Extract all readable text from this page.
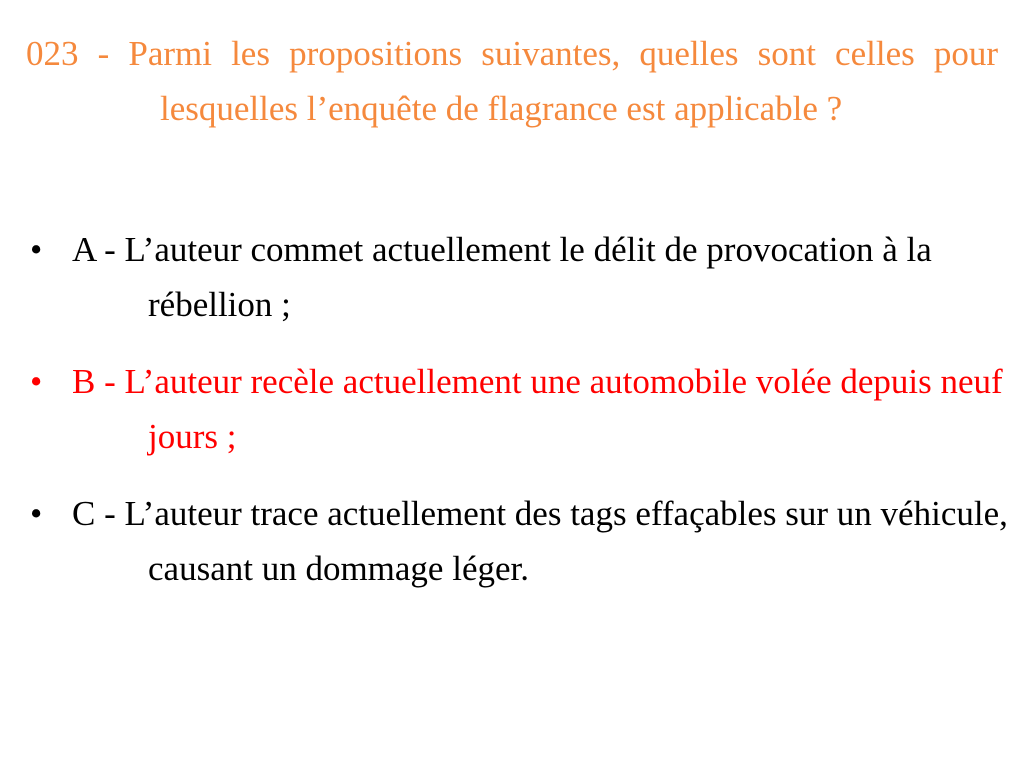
023 - Parmi les propositions suivantes, quelles sont celles pour lesquelles l’enquête de flagrance est applicable ?
• A - L’auteur commet actuellement le délit de provocation à la rébellion ;
• B - L’auteur recèle actuellement une automobile volée depuis neuf jours ;
• C - L’auteur trace actuellement des tags effaçables sur un véhicule, causant un dommage léger.
